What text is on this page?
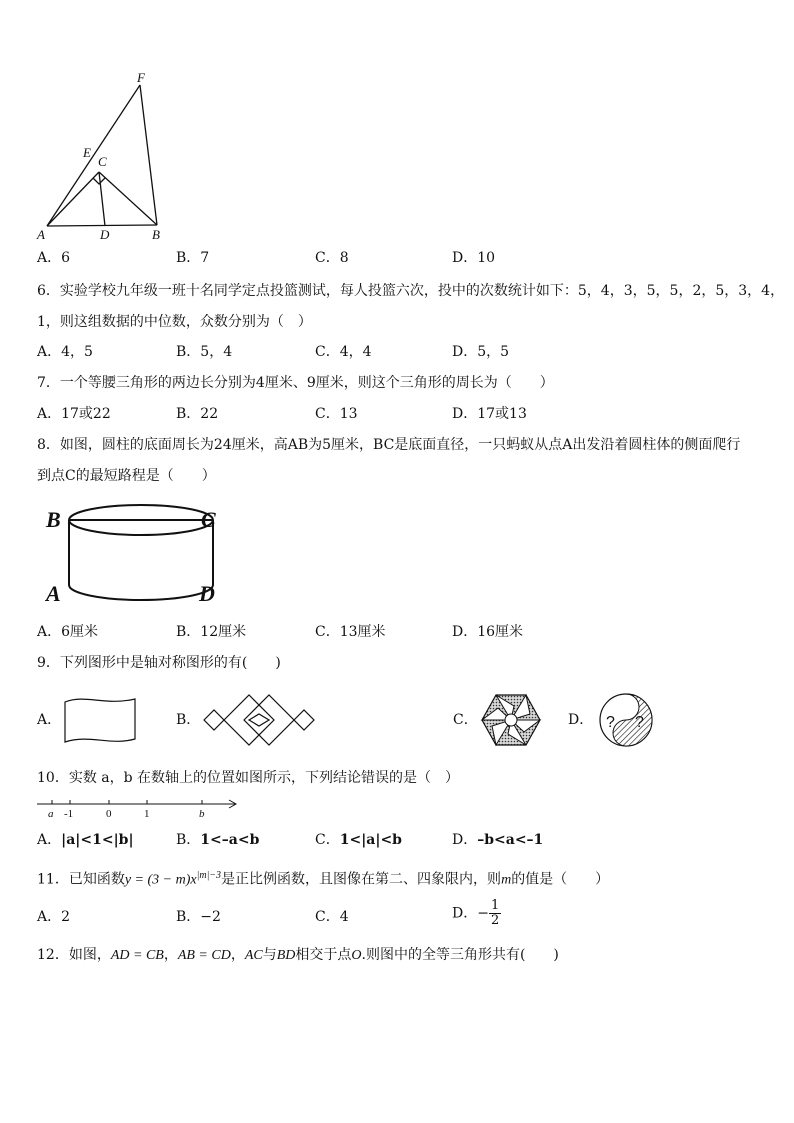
F
E
C
A	D	B
A．6	B．7	C．8	D．10
6．实验学校九年级一班十名同学定点投篮测试，每人投篮六次，投中的次数统计如下：5，4，3，5，5，2，5，3，4，
1，则这组数据的中位数，众数分别为（　）
A．4，5	B．5，4	C．4，4	D．5，5
7．一个等腰三角形的两边长分别为4厘米、9厘米，则这个三角形的周长为（　　）
A．17或22	B．22	C．13	D．17或13
8．如图，圆柱的底面周长为24厘米，高AB为5厘米，BC是底面直径，一只蚂蚁从点A出发沿着圆柱体的侧面爬行
到点C的最短路程是（　　）
B	C
A	D
A．6厘米	B．12厘米	C．13厘米	D．16厘米
9．下列图形中是轴对称图形的有(　　)
A．	B．	C．	D． ? ?
10．实数 a，b 在数轴上的位置如图所示，下列结论错误的是（　）
a -1	0	1	b
A．|a|<1<|b|	B．1<–a<b	C．1<|a|<b	D．–b<a<–1
11．已知函数$y = (3 - m)x^{|m|-3}$是正比例函数，且图像在第二、四象限内，则m的值是（　　）
A．2	B．−2	C．4	D．− $\frac{1}{2}$
12．如图，AD = CB，AB = CD，AC与BD相交于点O.则图中的全等三角形共有(　　)
